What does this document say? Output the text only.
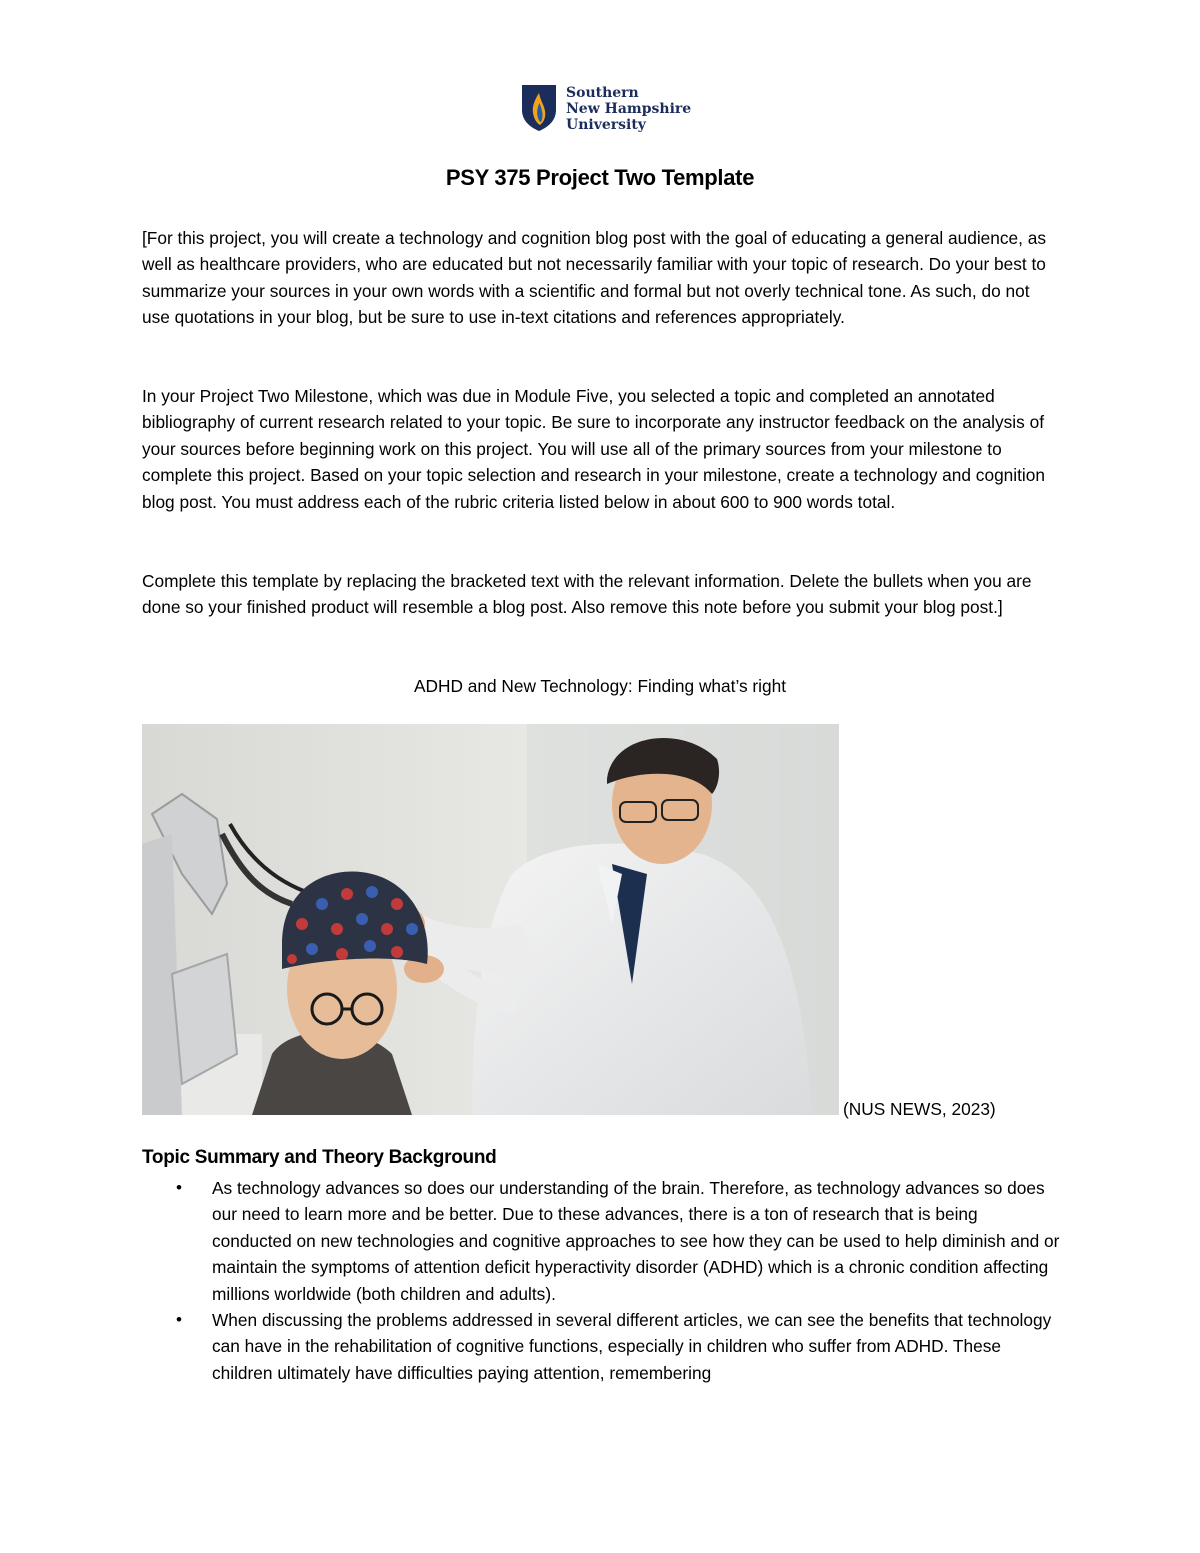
Southern
New Hampshire
University
PSY 375 Project Two Template
[For this project, you will create a technology and cognition blog post with the goal of educating a general audience, as well as healthcare providers, who are educated but not necessarily familiar with your topic of research. Do your best to summarize your sources in your own words with a scientific and formal but not overly technical tone. As such, do not use quotations in your blog, but be sure to use in-text citations and references appropriately.
In your Project Two Milestone, which was due in Module Five, you selected a topic and completed an annotated bibliography of current research related to your topic. Be sure to incorporate any instructor feedback on the analysis of your sources before beginning work on this project. You will use all of the primary sources from your milestone to complete this project. Based on your topic selection and research in your milestone, create a technology and cognition blog post. You must address each of the rubric criteria listed below in about 600 to 900 words total.
Complete this template by replacing the bracketed text with the relevant information. Delete the bullets when you are done so your finished product will resemble a blog post. Also remove this note before you submit your blog post.]
ADHD and New Technology: Finding what’s right
(NUS NEWS, 2023)
Topic Summary and Theory Background
• As technology advances so does our understanding of the brain. Therefore, as technology advances so does our need to learn more and be better. Due to these advances, there is a ton of research that is being conducted on new technologies and cognitive approaches to see how they can be used to help diminish and or maintain the symptoms of attention deficit hyperactivity disorder (ADHD) which is a chronic condition affecting millions worldwide (both children and adults).
• When discussing the problems addressed in several different articles, we can see the benefits that technology can have in the rehabilitation of cognitive functions, especially in children who suffer from ADHD. These children ultimately have difficulties paying attention, remembering
